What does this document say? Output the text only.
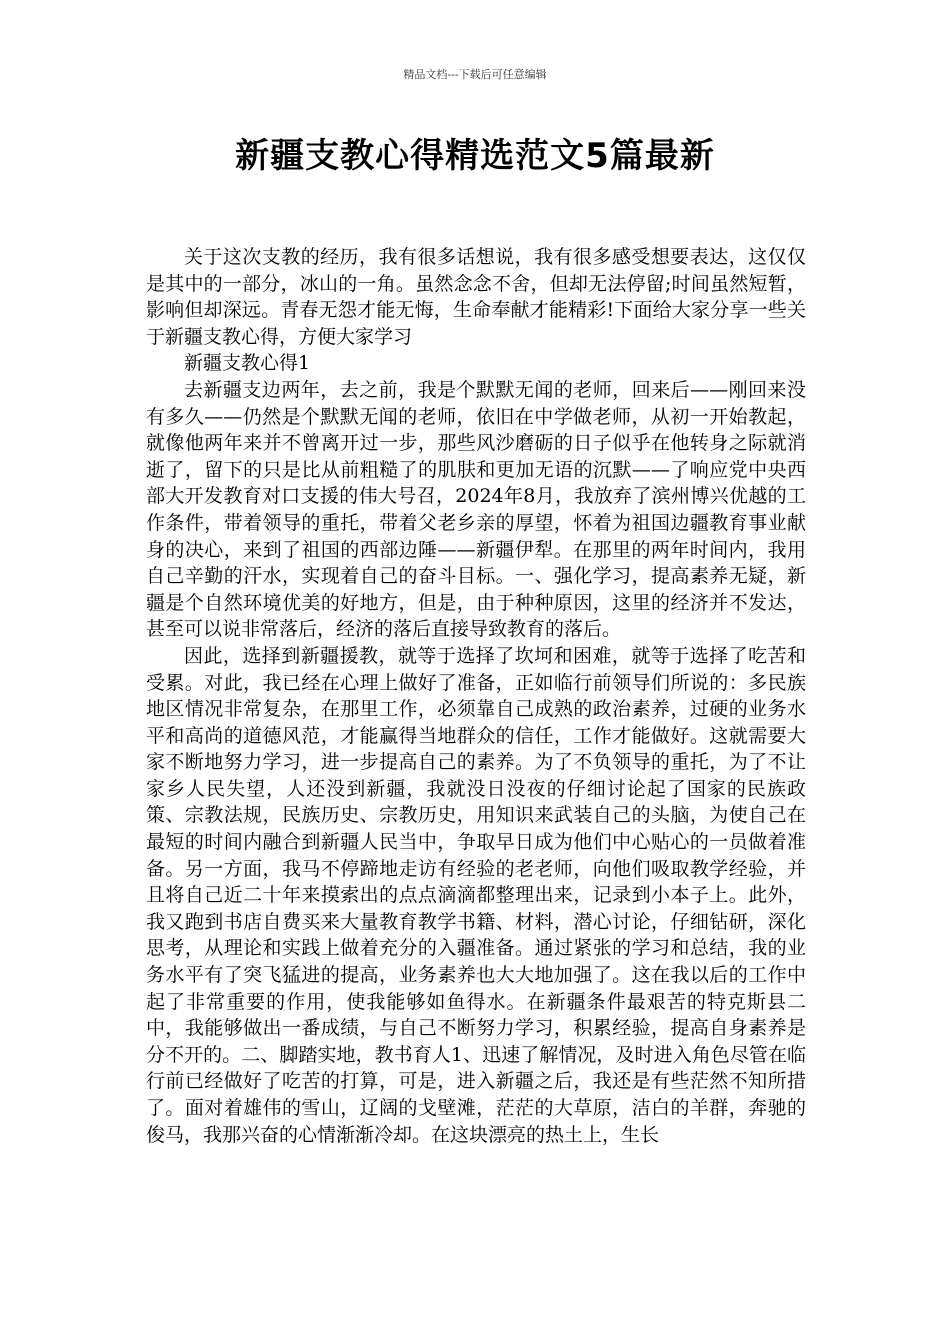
精品文档---下载后可任意编辑
新疆支教心得精选范文5篇最新

关于这次支教的经历，我有很多话想说，我有很多感受想要表达，这仅仅是其中的一部分，冰山的一角。虽然念念不舍，但却无法停留;时间虽然短暂，影响但却深远。青春无怨才能无悔，生命奉献才能精彩!下面给大家分享一些关于新疆支教心得，方便大家学习

新疆支教心得1

去新疆支边两年，去之前，我是个默默无闻的老师，回来后——刚回来没有多久——仍然是个默默无闻的老师，依旧在中学做老师，从初一开始教起，就像他两年来并不曾离开过一步，那些风沙磨砺的日子似乎在他转身之际就消逝了，留下的只是比从前粗糙了的肌肤和更加无语的沉默——了响应党中央西部大开发教育对口支援的伟大号召，2024年8月，我放弃了滨州博兴优越的工作条件，带着领导的重托，带着父老乡亲的厚望，怀着为祖国边疆教育事业献身的决心，来到了祖国的西部边陲——新疆伊犁。在那里的两年时间内，我用自己辛勤的汗水，实现着自己的奋斗目标。一、强化学习，提高素养无疑，新疆是个自然环境优美的好地方，但是，由于种种原因，这里的经济并不发达，甚至可以说非常落后，经济的落后直接导致教育的落后。

因此，选择到新疆援教，就等于选择了坎坷和困难，就等于选择了吃苦和受累。对此，我已经在心理上做好了准备，正如临行前领导们所说的：多民族地区情况非常复杂，在那里工作，必须靠自己成熟的政治素养，过硬的业务水平和高尚的道德风范，才能赢得当地群众的信任，工作才能做好。这就需要大家不断地努力学习，进一步提高自己的素养。为了不负领导的重托，为了不让家乡人民失望，人还没到新疆，我就没日没夜的仔细讨论起了国家的民族政策、宗教法规，民族历史、宗教历史，用知识来武装自己的头脑，为使自己在最短的时间内融合到新疆人民当中，争取早日成为他们中心贴心的一员做着准备。另一方面，我马不停蹄地走访有经验的老老师，向他们吸取教学经验，并且将自己近二十年来摸索出的点点滴滴都整理出来，记录到小本子上。此外，我又跑到书店自费买来大量教育教学书籍、材料，潜心讨论，仔细钻研，深化思考，从理论和实践上做着充分的入疆准备。通过紧张的学习和总结，我的业务水平有了突飞猛进的提高，业务素养也大大地加强了。这在我以后的工作中起了非常重要的作用，使我能够如鱼得水。在新疆条件最艰苦的特克斯县二中，我能够做出一番成绩，与自己不断努力学习，积累经验，提高自身素养是分不开的。二、脚踏实地，教书育人1、迅速了解情况，及时进入角色尽管在临行前已经做好了吃苦的打算，可是，进入新疆之后，我还是有些茫然不知所措了。面对着雄伟的雪山，辽阔的戈壁滩，茫茫的大草原，洁白的羊群，奔驰的俊马，我那兴奋的心情渐渐冷却。在这块漂亮的热土上，生长
